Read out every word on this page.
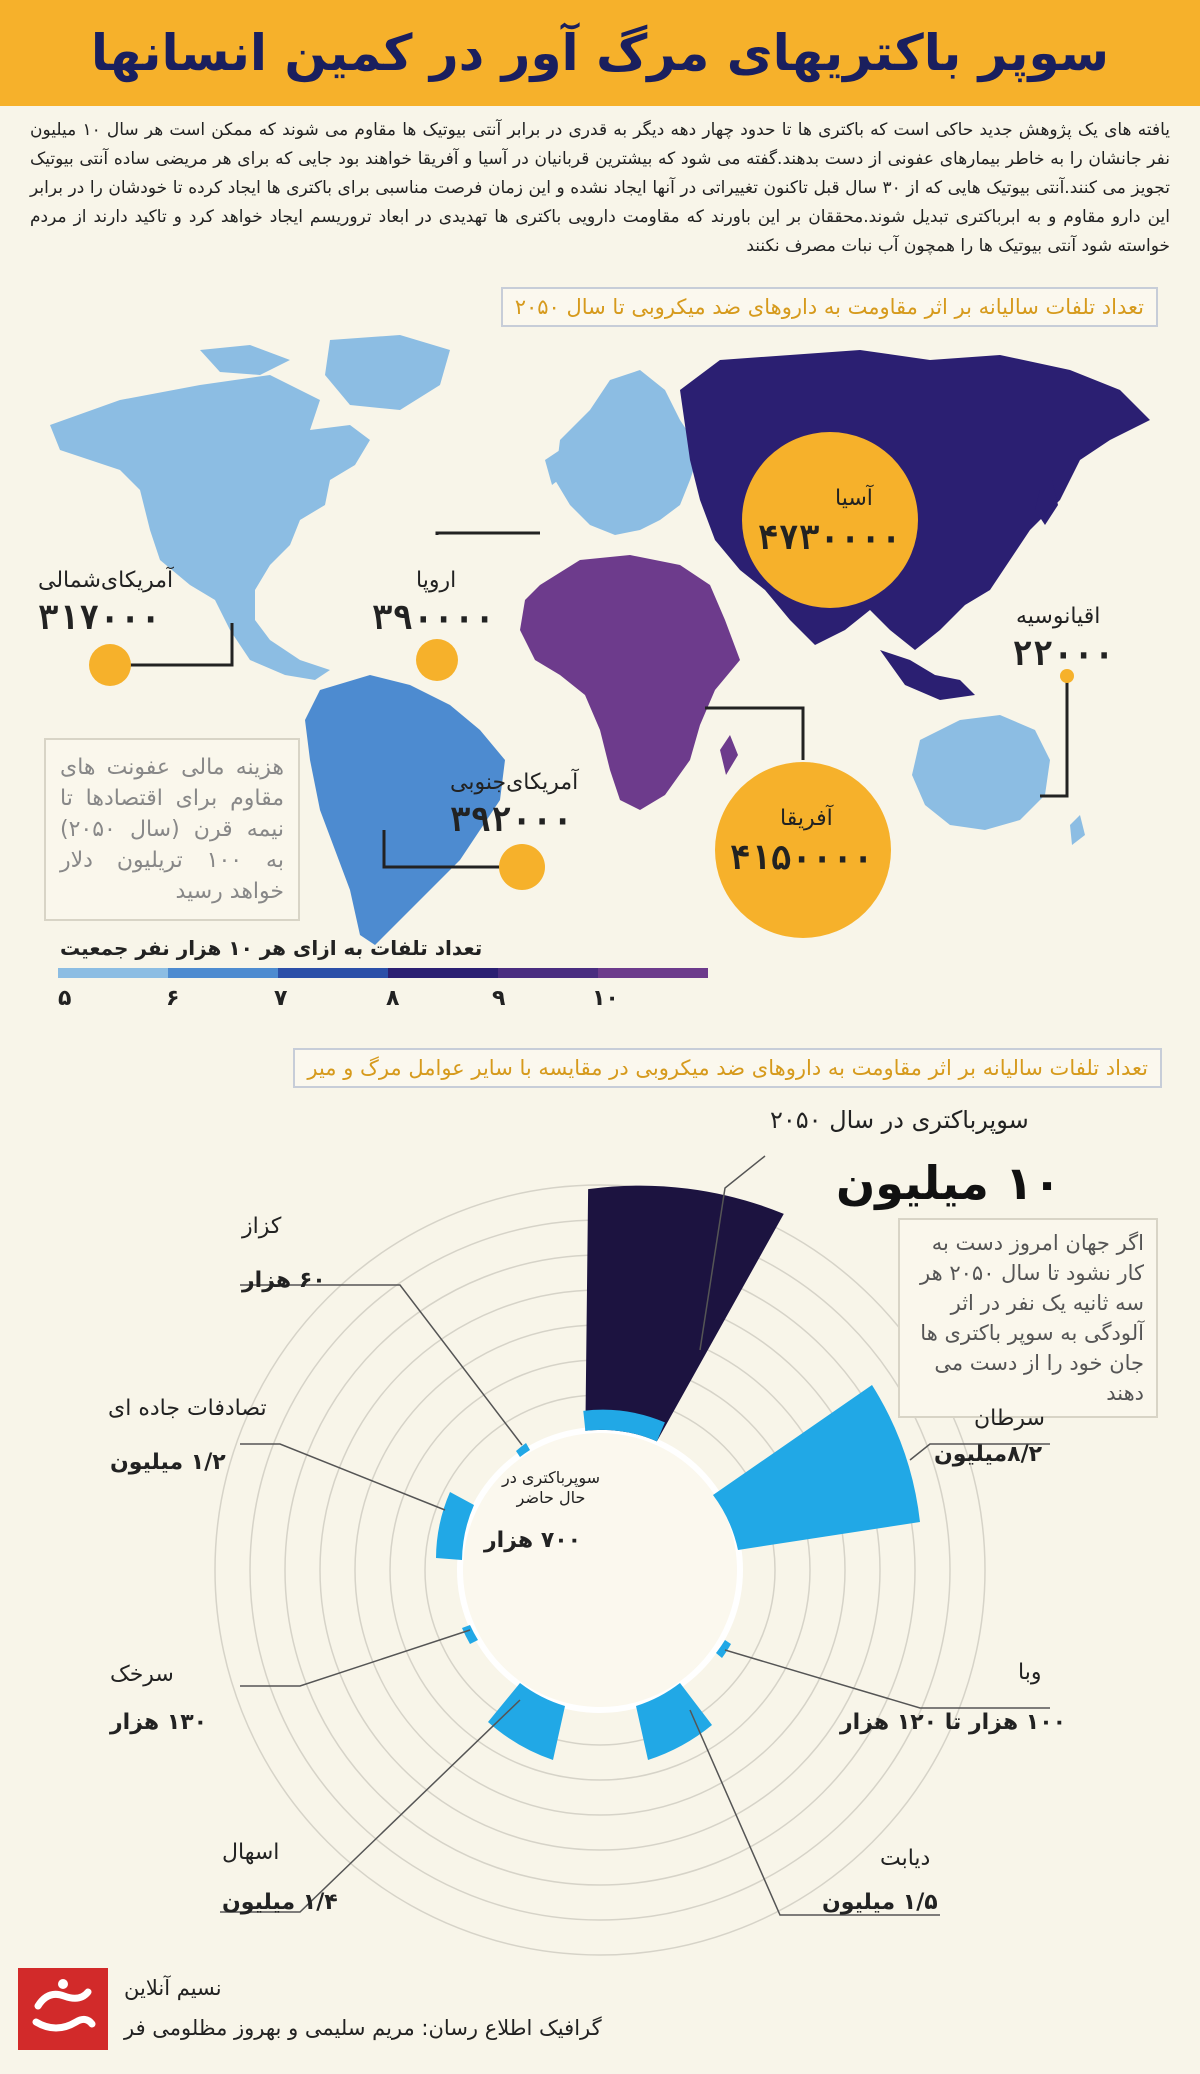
سوپر باکتریهای مرگ آور در کمین انسانها
یافته های یک پژوهش جدید حاکی است که باکتری ها تا حدود چهار دهه دیگر به قدری در برابر آنتی بیوتیک ها مقاوم می شوند که ممکن است هر سال ۱۰ میلیون نفر جانشان را به خاطر بیمارهای عفونی از دست بدهند.گفته می شود که بیشترین قربانیان در آسیا و آفریقا خواهند بود جایی که برای هر مریضی ساده آنتی بیوتیک تجویز می کنند.آنتی بیوتیک هایی که از ۳۰ سال قبل تاکنون تغییراتی در آنها ایجاد نشده و این زمان فرصت مناسبی برای باکتری ها ایجاد کرده تا خودشان را در برابر این دارو مقاوم و به ابرباکتری تبدیل شوند.محققان بر این باورند که مقاومت دارویی باکتری ها تهدیدی در ابعاد تروریسم ایجاد خواهد کرد و تاکید دارند از مردم خواسته شود آنتی بیوتیک ها را همچون آب نبات مصرف نکنند
تعداد تلفات سالیانه بر اثر مقاومت به داروهای ضد میکروبی تا سال ۲۰۵۰
آمریکای‌شمالی
۳۱۷۰۰۰
اروپا
۳۹۰۰۰۰
آسیا
۴۷۳۰۰۰۰
اقیانوسیه
۲۲۰۰۰
آمریکای‌جنوبی
۳۹۲۰۰۰	آفریقا
۴۱۵۰۰۰۰
هزینه مالی عفونت های مقاوم برای اقتصادها تا نیمه قرن (سال ۲۰۵۰) به ۱۰۰ تریلیون دلار خواهد رسید
تعداد تلفات به ازای هر ۱۰ هزار نفر جمعیت
۵	۶	۷	۸	۹	۱۰
تعداد تلفات سالیانه بر اثر مقاومت به داروهای ضد میکروبی در مقایسه با سایر عوامل مرگ و میر
سوپرباکتری در سال ۲۰۵۰
۱۰ میلیون
اگر جهان امروز دست به کار نشود تا سال ۲۰۵۰ هر سه ثانیه یک نفر در اثر آلودگی به سوپر باکتری ها جان خود را از دست می دهند
کزاز
۶۰ هزار
تصادفات جاده ای
۱/۲ میلیون
سوپرباکتری در حال حاضر
۷۰۰ هزار
سرطان
۸/۲میلیون
سرخک
۱۳۰ هزار
وبا
۱۰۰ هزار تا ۱۲۰ هزار
اسهال
۱/۴ میلیون
دیابت
۱/۵ میلیون
نسیم آنلاین
گرافیک اطلاع رسان: مریم سلیمی و بهروز مظلومی فر
